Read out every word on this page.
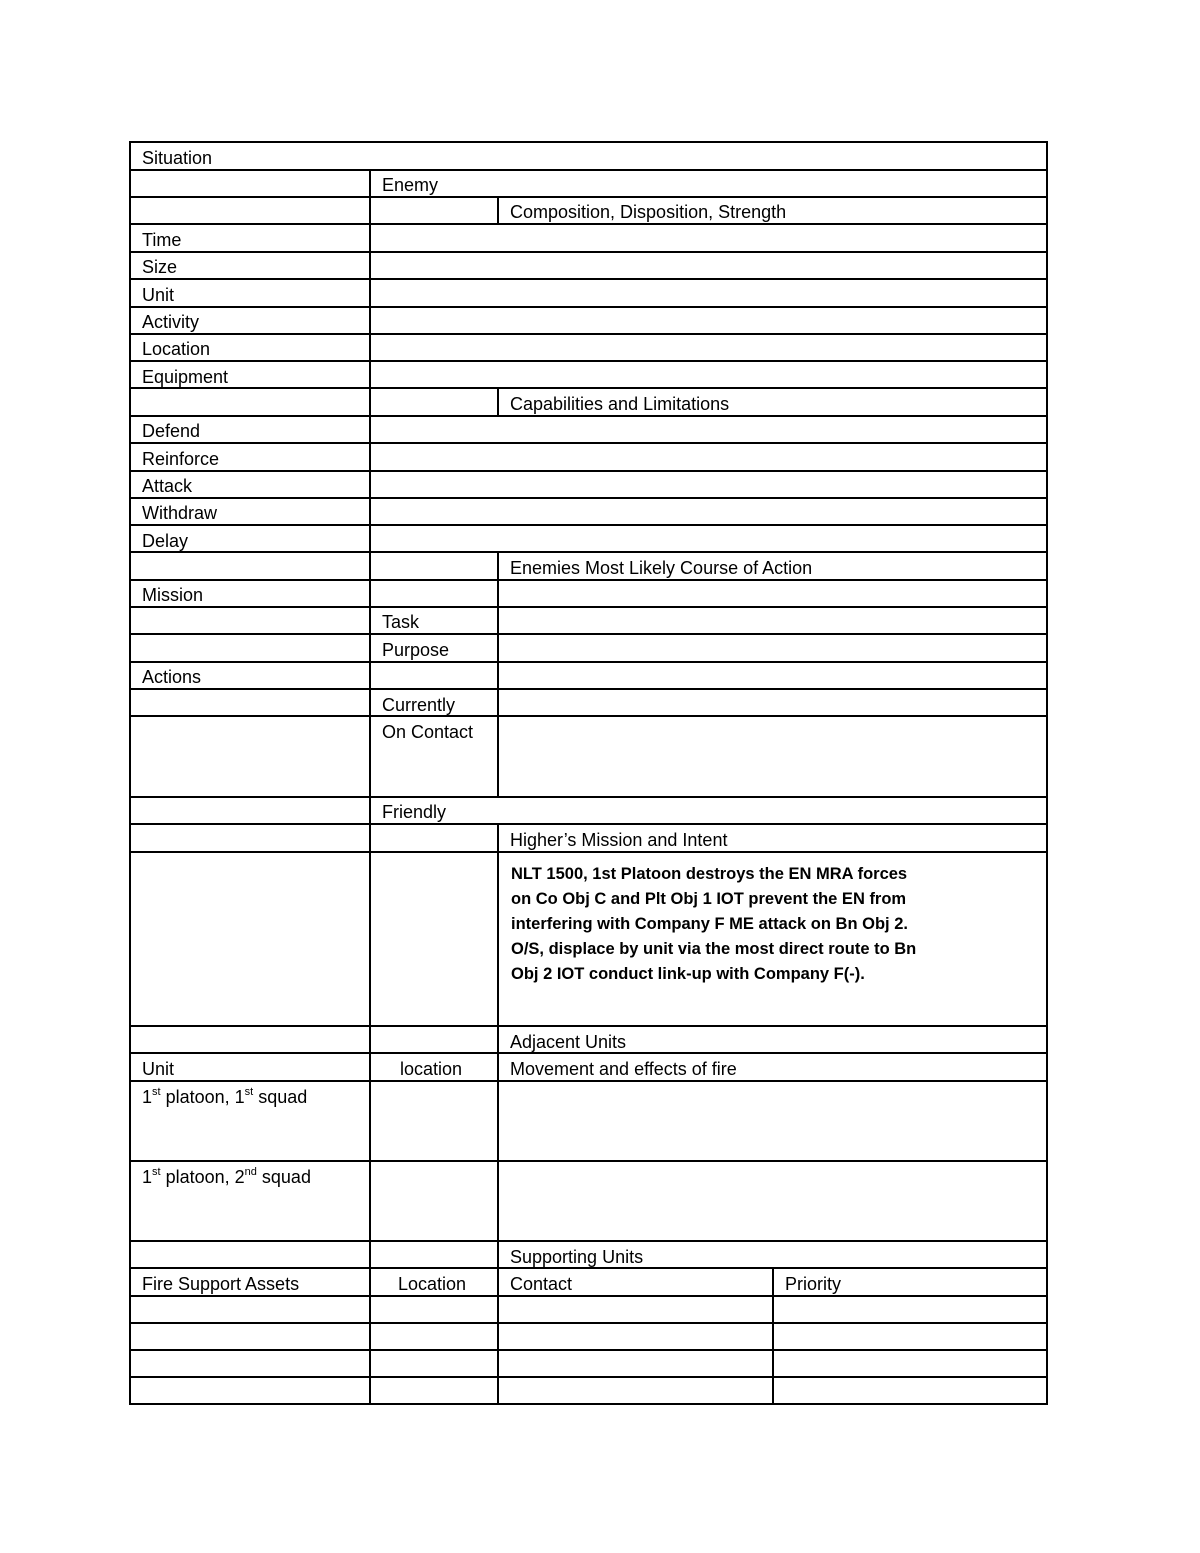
Situation
Enemy
Composition, Disposition, Strength
Time
Size
Unit
Activity
Location
Equipment
Capabilities and Limitations
Defend
Reinforce
Attack
Withdraw
Delay
Enemies Most Likely Course of Action
Mission
Task
Purpose
Actions
Currently
On Contact
Friendly
Higher’s Mission and Intent
NLT 1500, 1st Platoon destroys the EN MRA forces
on Co Obj C and Plt Obj 1 IOT prevent the EN from
interfering with Company F ME attack on Bn Obj 2.
O/S, displace by unit via the most direct route to Bn
Obj 2 IOT conduct link-up with Company F(-).
Adjacent Units
Unit	location	Movement and effects of fire
1st platoon, 1st squad
1st platoon, 2nd squad
Supporting Units
Fire Support Assets	Location	Contact	Priority
